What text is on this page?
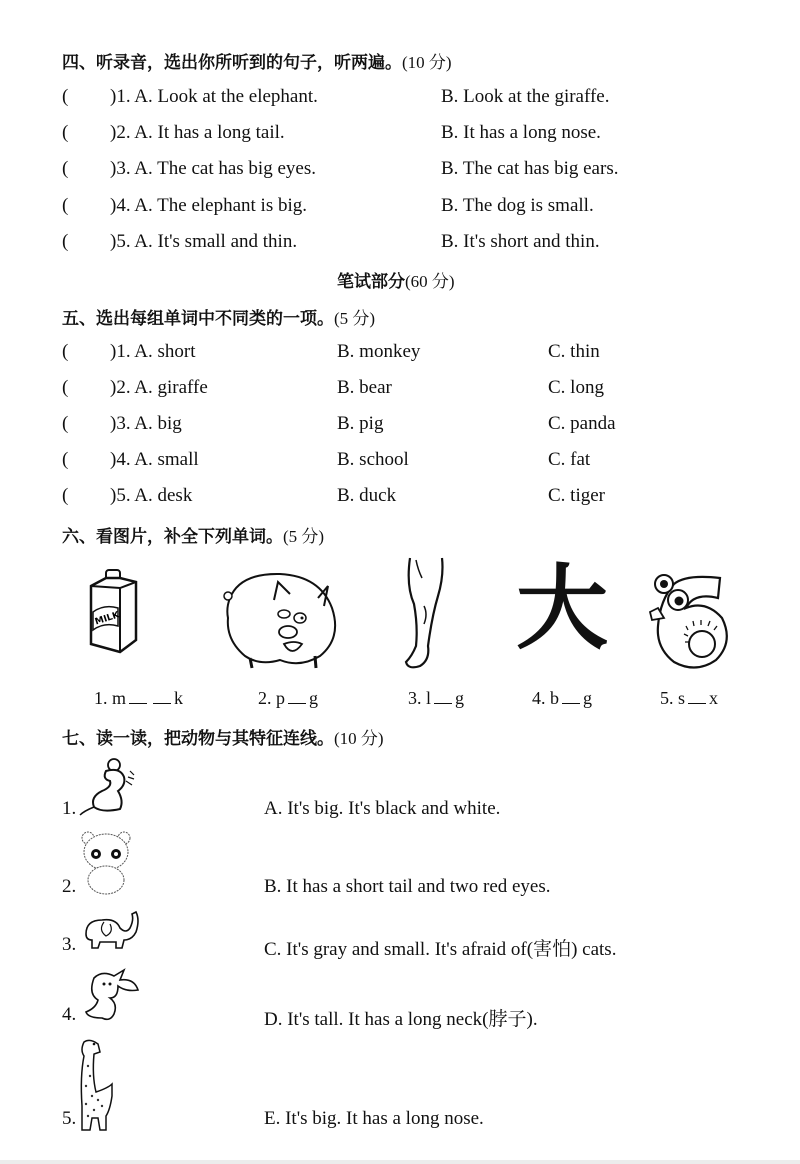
四、听录音，选出你所听到的句子，听两遍。(10 分)
( )1. A. Look at the elephant.	B. Look at the giraffe.
( )2. A. It has a long tail.	B. It has a long nose.
( )3. A. The cat has big eyes.	B. The cat has big ears.
( )4. A. The elephant is big.	B. The dog is small.
( )5. A. It's small and thin.	B. It's short and thin.
笔试部分(60 分)
五、选出每组单词中不同类的一项。(5 分)
( )1. A. short	B. monkey	C. thin
( )2. A. giraffe	B. bear	C. long
( )3. A. big	B. pig	C. panda
( )4. A. small	B. school	C. fat
( )5. A. desk	B. duck	C. tiger
六、看图片，补全下列单词。(5 分)
MILK	大
1. m	k	2. p g	3. l g	4. b g	5. s x
七、读一读，把动物与其特征连线。(10 分)
1.
2.
3.
4.
5.
A. It's big. It's black and white.
B. It has a short tail and two red eyes.
C. It's gray and small. It's afraid of(害怕) cats.
D. It's tall. It has a long neck(脖子).
E. It's big. It has a long nose.
